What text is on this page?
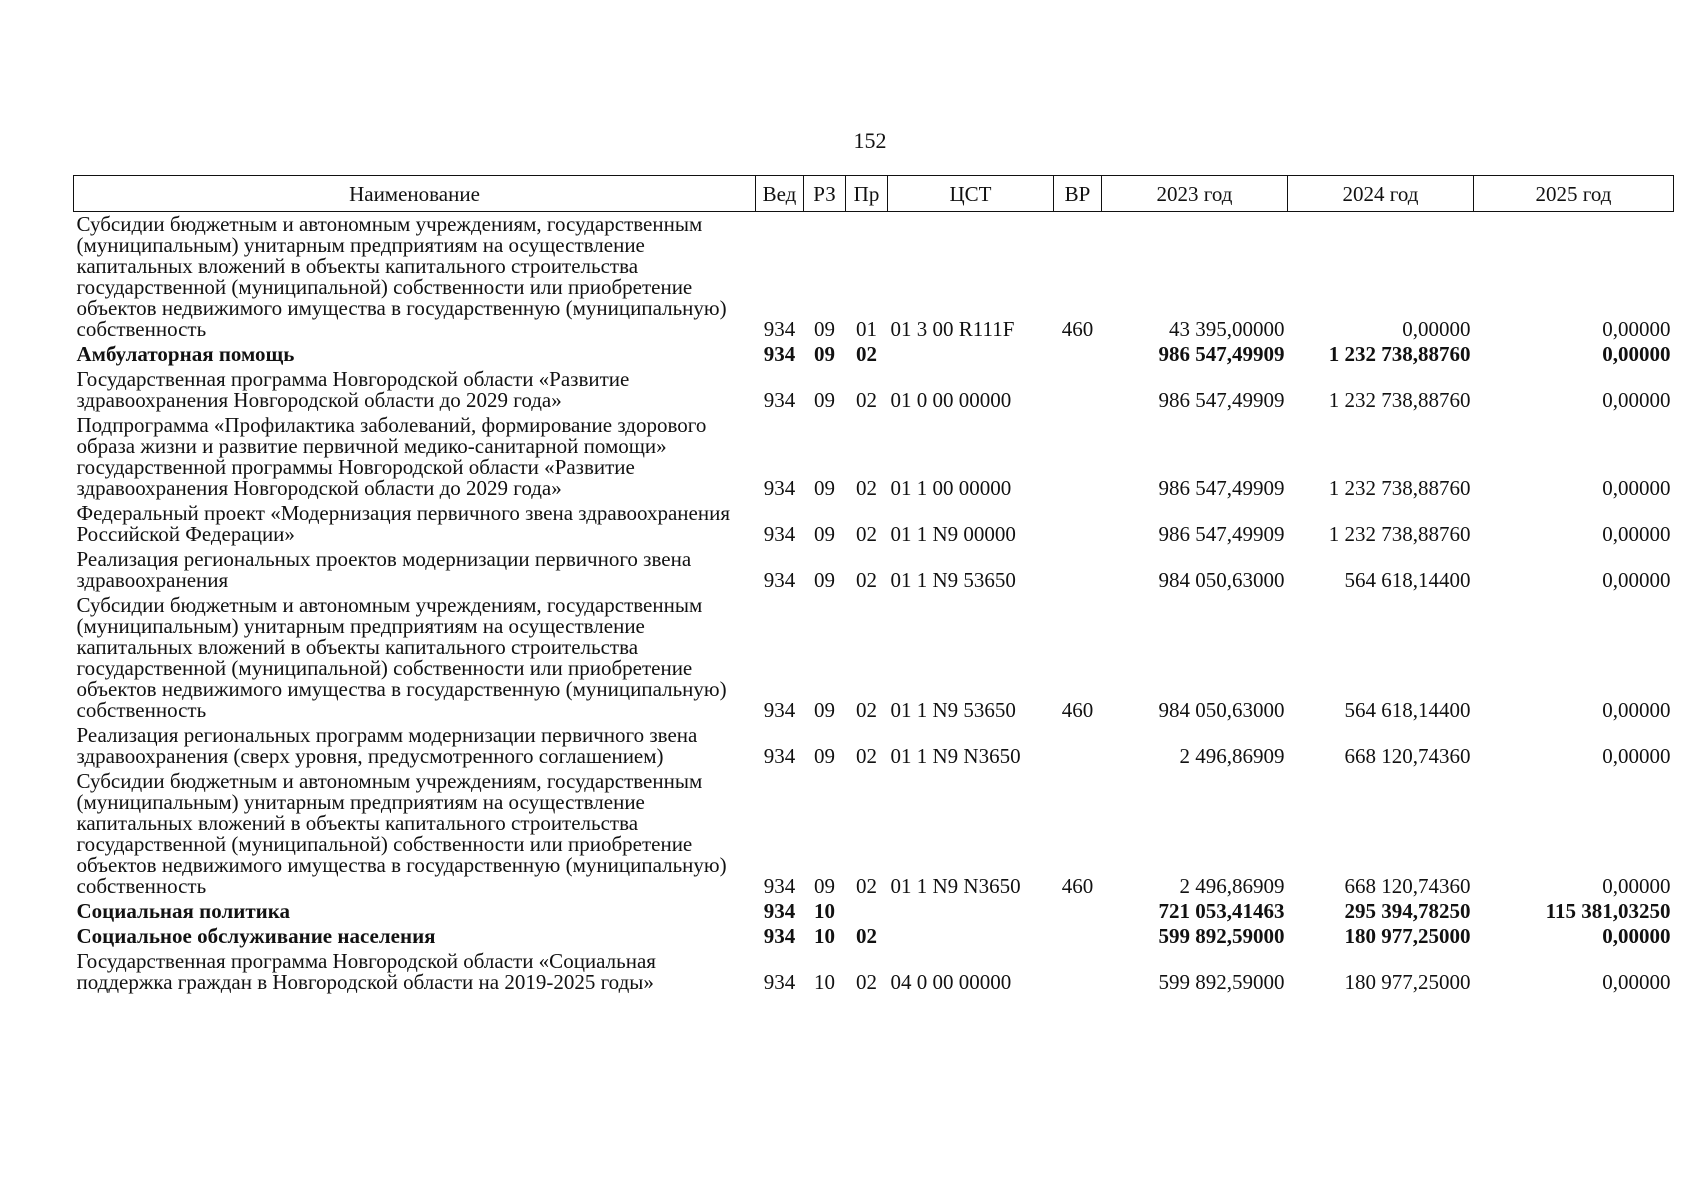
152
Наименование	Вед	РЗ	Пр	ЦСТ	ВР	2023 год	2024 год	2025 год
Субсидии бюджетным и автономным учреждениям, государственным (муниципальным) унитарным предприятиям на осуществление капитальных вложений в объекты капитального строительства государственной (муниципальной) собственности или приобретение объектов недвижимого имущества в государственную (муниципальную) собственность	934	09	01	01 3 00 R111F	460	43 395,00000	0,00000	0,00000
Амбулаторная помощь	934	09	02			986 547,49909	1 232 738,88760	0,00000
Государственная программа Новгородской области «Развитие здравоохранения Новгородской области до 2029 года»	934	09	02	01 0 00 00000		986 547,49909	1 232 738,88760	0,00000
Подпрограмма «Профилактика заболеваний, формирование здорового образа жизни и развитие первичной медико-санитарной помощи» государственной программы Новгородской области «Развитие здравоохранения Новгородской области до 2029 года»	934	09	02	01 1 00 00000		986 547,49909	1 232 738,88760	0,00000
Федеральный проект «Модернизация первичного звена здравоохранения Российской Федерации»	934	09	02	01 1 N9 00000		986 547,49909	1 232 738,88760	0,00000
Реализация региональных проектов модернизации первичного звена здравоохранения	934	09	02	01 1 N9 53650		984 050,63000	564 618,14400	0,00000
Субсидии бюджетным и автономным учреждениям, государственным (муниципальным) унитарным предприятиям на осуществление капитальных вложений в объекты капитального строительства государственной (муниципальной) собственности или приобретение объектов недвижимого имущества в государственную (муниципальную) собственность	934	09	02	01 1 N9 53650	460	984 050,63000	564 618,14400	0,00000
Реализация региональных программ модернизации первичного звена здравоохранения (сверх уровня, предусмотренного соглашением)	934	09	02	01 1 N9 N3650		2 496,86909	668 120,74360	0,00000
Субсидии бюджетным и автономным учреждениям, государственным (муниципальным) унитарным предприятиям на осуществление капитальных вложений в объекты капитального строительства государственной (муниципальной) собственности или приобретение объектов недвижимого имущества в государственную (муниципальную) собственность	934	09	02	01 1 N9 N3650	460	2 496,86909	668 120,74360	0,00000
Социальная политика	934	10				721 053,41463	295 394,78250	115 381,03250
Социальное обслуживание населения	934	10	02			599 892,59000	180 977,25000	0,00000
Государственная программа Новгородской области «Социальная поддержка граждан в Новгородской области на 2019-2025 годы»	934	10	02	04 0 00 00000		599 892,59000	180 977,25000	0,00000
